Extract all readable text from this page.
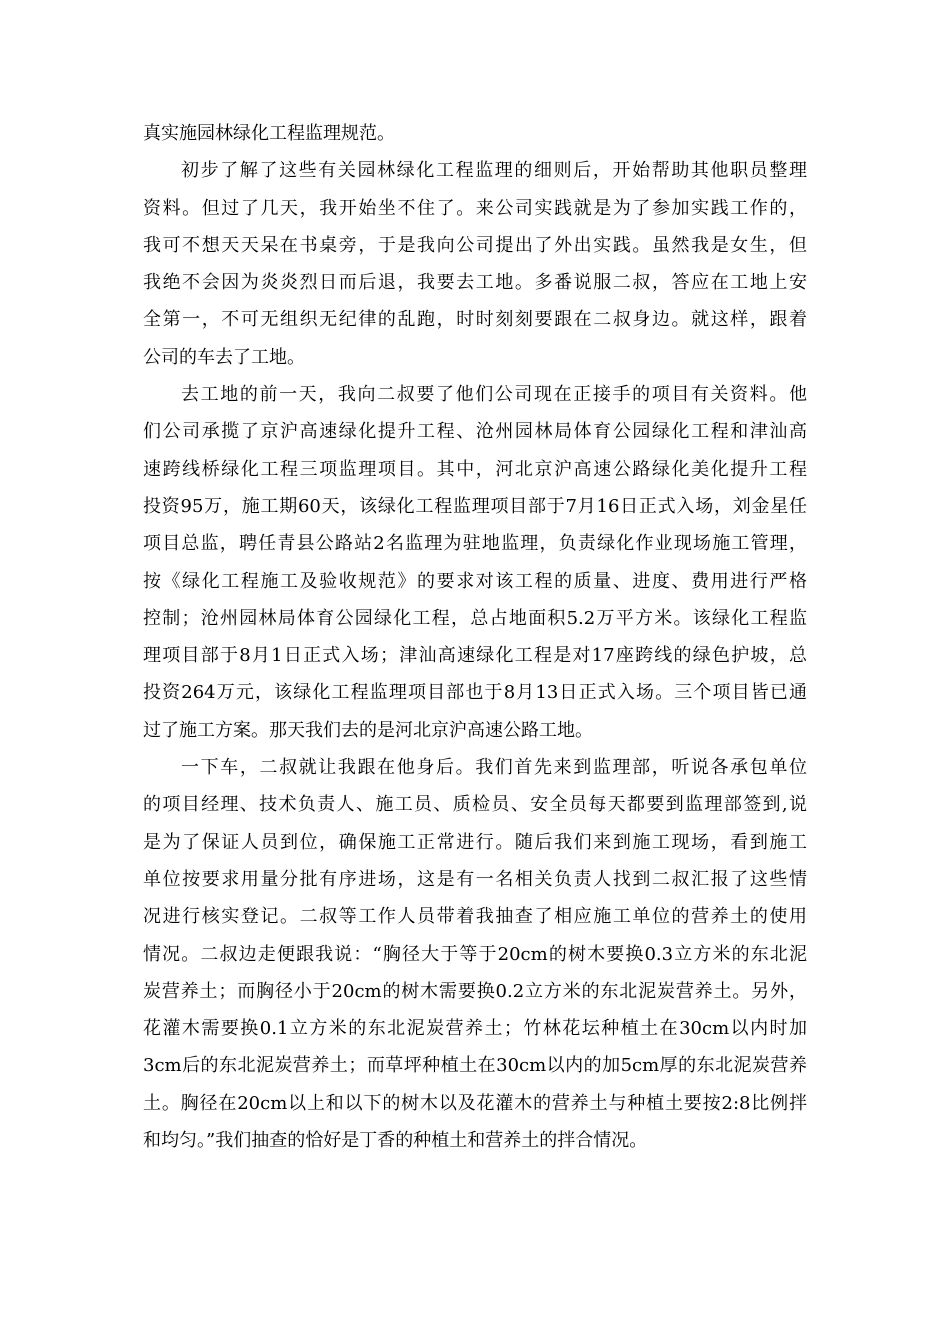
真实施园林绿化工程监理规范。
初步了解了这些有关园林绿化工程监理的细则后，开始帮助其他职员整理
资料。但过了几天，我开始坐不住了。来公司实践就是为了参加实践工作的，
我可不想天天呆在书桌旁，于是我向公司提出了外出实践。虽然我是女生，但
我绝不会因为炎炎烈日而后退，我要去工地。多番说服二叔，答应在工地上安
全第一，不可无组织无纪律的乱跑，时时刻刻要跟在二叔身边。就这样，跟着
公司的车去了工地。
去工地的前一天，我向二叔要了他们公司现在正接手的项目有关资料。他
们公司承揽了京沪高速绿化提升工程、沧州园林局体育公园绿化工程和津汕高
速跨线桥绿化工程三项监理项目。其中，河北京沪高速公路绿化美化提升工程
投资95万，施工期60天，该绿化工程监理项目部于7月16日正式入场，刘金星任
项目总监，聘任青县公路站2名监理为驻地监理，负责绿化作业现场施工管理，
按《绿化工程施工及验收规范》的要求对该工程的质量、进度、费用进行严格
控制；沧州园林局体育公园绿化工程，总占地面积5.2万平方米。该绿化工程监
理项目部于8月1日正式入场；津汕高速绿化工程是对17座跨线的绿色护坡，总
投资264万元，该绿化工程监理项目部也于8月13日正式入场。三个项目皆已通
过了施工方案。那天我们去的是河北京沪高速公路工地。
一下车，二叔就让我跟在他身后。我们首先来到监理部，听说各承包单位
的项目经理、技术负责人、施工员、质检员、安全员每天都要到监理部签到,说
是为了保证人员到位，确保施工正常进行。随后我们来到施工现场，看到施工
单位按要求用量分批有序进场，这是有一名相关负责人找到二叔汇报了这些情
况进行核实登记。二叔等工作人员带着我抽查了相应施工单位的营养土的使用
情况。二叔边走便跟我说：“胸径大于等于20cm的树木要换0.3立方米的东北泥
炭营养土；而胸径小于20cm的树木需要换0.2立方米的东北泥炭营养土。另外，
花灌木需要换0.1立方米的东北泥炭营养土；竹林花坛种植土在30cm以内时加
3cm后的东北泥炭营养土；而草坪种植土在30cm以内的加5cm厚的东北泥炭营养
土。胸径在20cm以上和以下的树木以及花灌木的营养土与种植土要按2:8比例拌
和均匀。”我们抽查的恰好是丁香的种植土和营养土的拌合情况。
